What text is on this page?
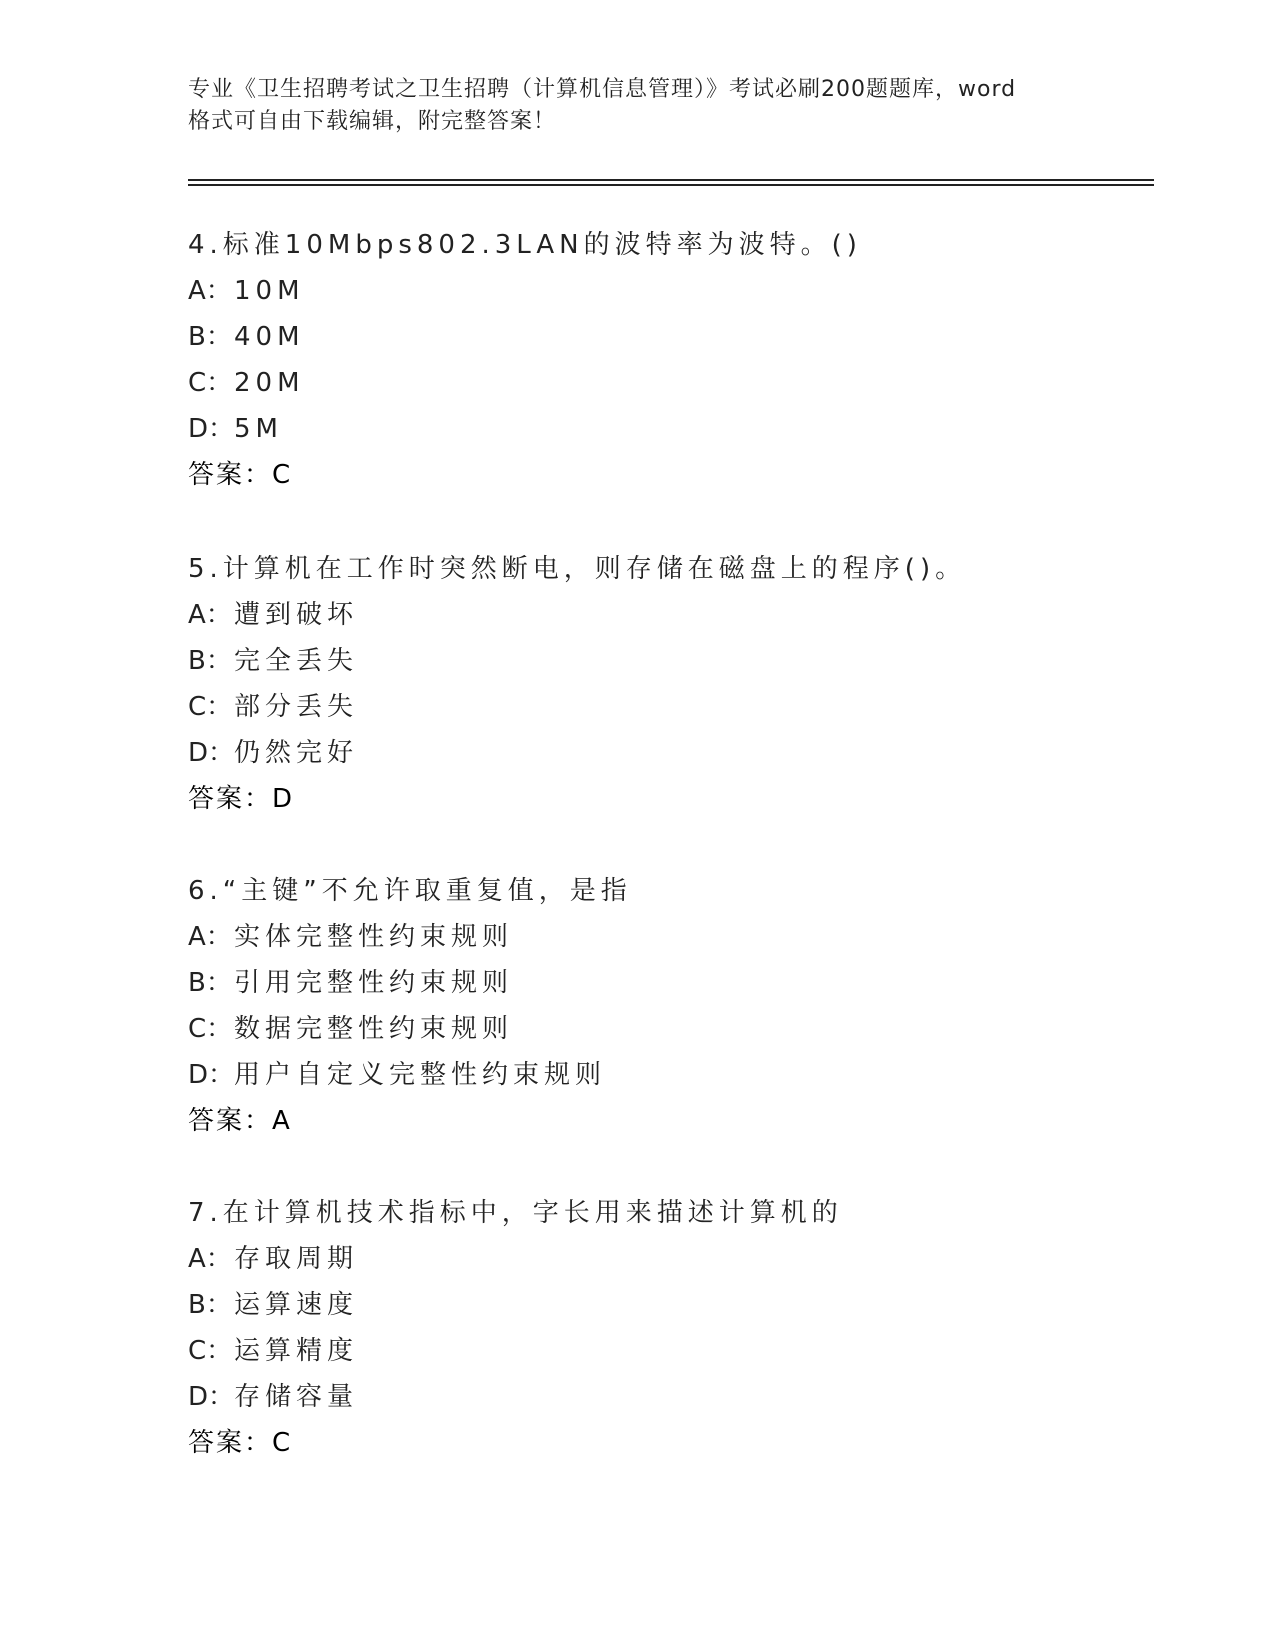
专业《卫生招聘考试之卫生招聘（计算机信息管理）》考试必刷200题题库，word
格式可自由下载编辑，附完整答案！
4.标准10Mbps802.3LAN的波特率为波特。()
A：10M
B：40M
C：20M
D：5M
答案：C
5.计算机在工作时突然断电，则存储在磁盘上的程序()。
A：遭到破坏
B：完全丢失
C：部分丢失
D：仍然完好
答案：D
6.“主键”不允许取重复值，是指
A：实体完整性约束规则
B：引用完整性约束规则
C：数据完整性约束规则
D：用户自定义完整性约束规则
答案：A
7.在计算机技术指标中，字长用来描述计算机的
A：存取周期
B：运算速度
C：运算精度
D：存储容量
答案：C
